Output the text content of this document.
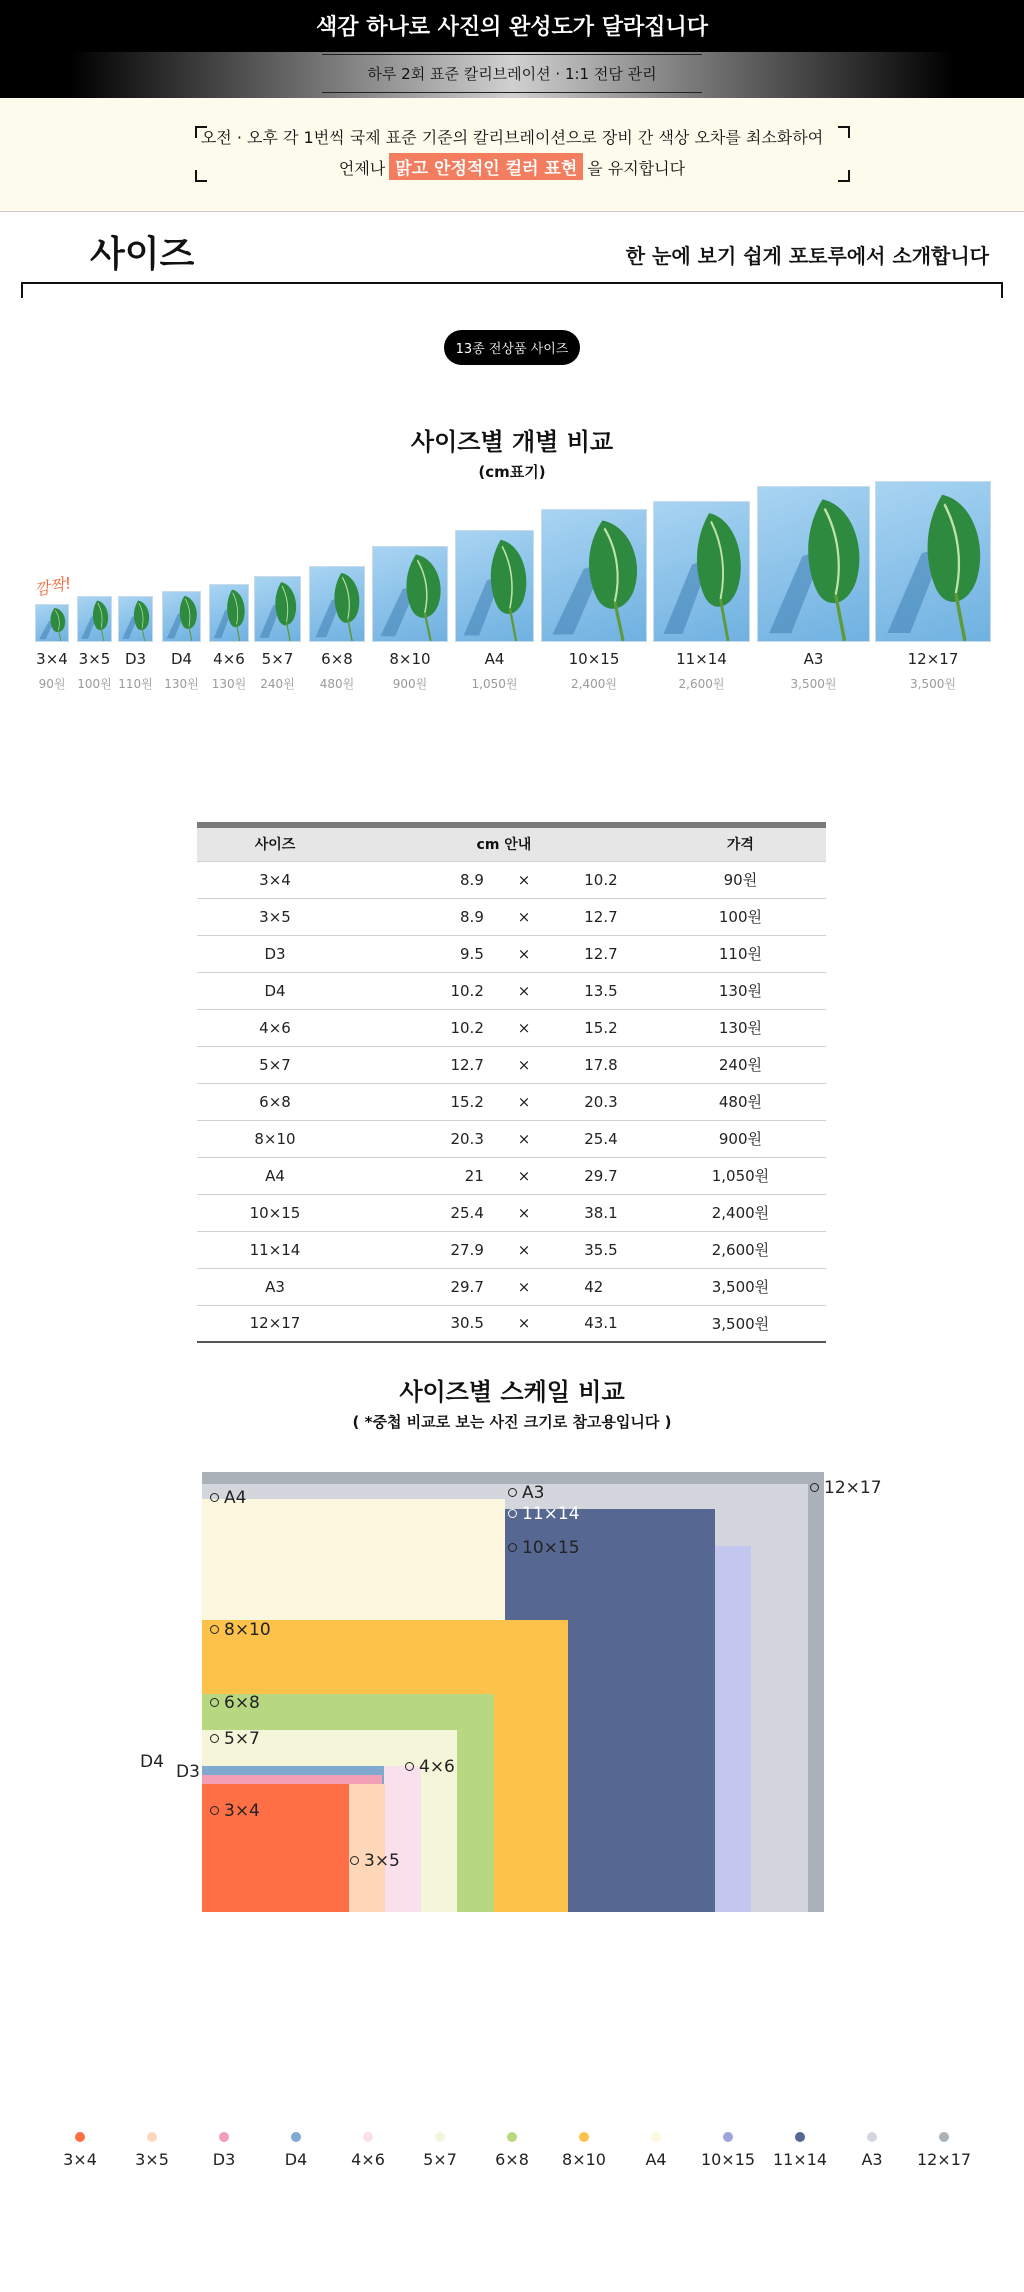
색감 하나로 사진의 완성도가 달라집니다
하루 2회 표준 칼리브레이션 · 1:1 전담 관리
오전 · 오후 각 1번씩 국제 표준 기준의 칼리브레이션으로 장비 간 색상 오차를 최소화하여
언제나 맑고 안정적인 컬러 표현 을 유지합니다
사이즈	한 눈에 보기 쉽게 포토루에서 소개합니다
13종 전상품 사이즈
사이즈별 개별 비교
(cm표기)
깜짝!
3×4
90원
3×5
100원
D3
110원
D4
130원
4×6
130원
5×7
240원
6×8
480원
8×10
900원
A4
1,050원
10×15
2,400원
11×14
2,600원
A3
3,500원
12×17
3,500원
사이즈	cm 안내			가격
3×4	8.9	×	10.2	90원
3×5	8.9	×	12.7	100원
D3	9.5	×	12.7	110원
D4	10.2	×	13.5	130원
4×6	10.2	×	15.2	130원
5×7	12.7	×	17.8	240원
6×8	15.2	×	20.3	480원
8×10	20.3	×	25.4	900원
A4	21	×	29.7	1,050원
10×15	25.4	×	38.1	2,400원
11×14	27.9	×	35.5	2,600원
A3	29.7	×	42	3,500원
12×17	30.5	×	43.1	3,500원
사이즈별 스케일 비교
( *중첩 비교로 보는 사진 크기로 참고용입니다 )
12×17
A3
11×14
10×15
A4
8×10
6×8
5×7
4×6
D4 D3
3×5
3×4
3×4	3×5	D3	D4	4×6	5×7	6×8	8×10	A4	10×15	11×14	A3	12×17
